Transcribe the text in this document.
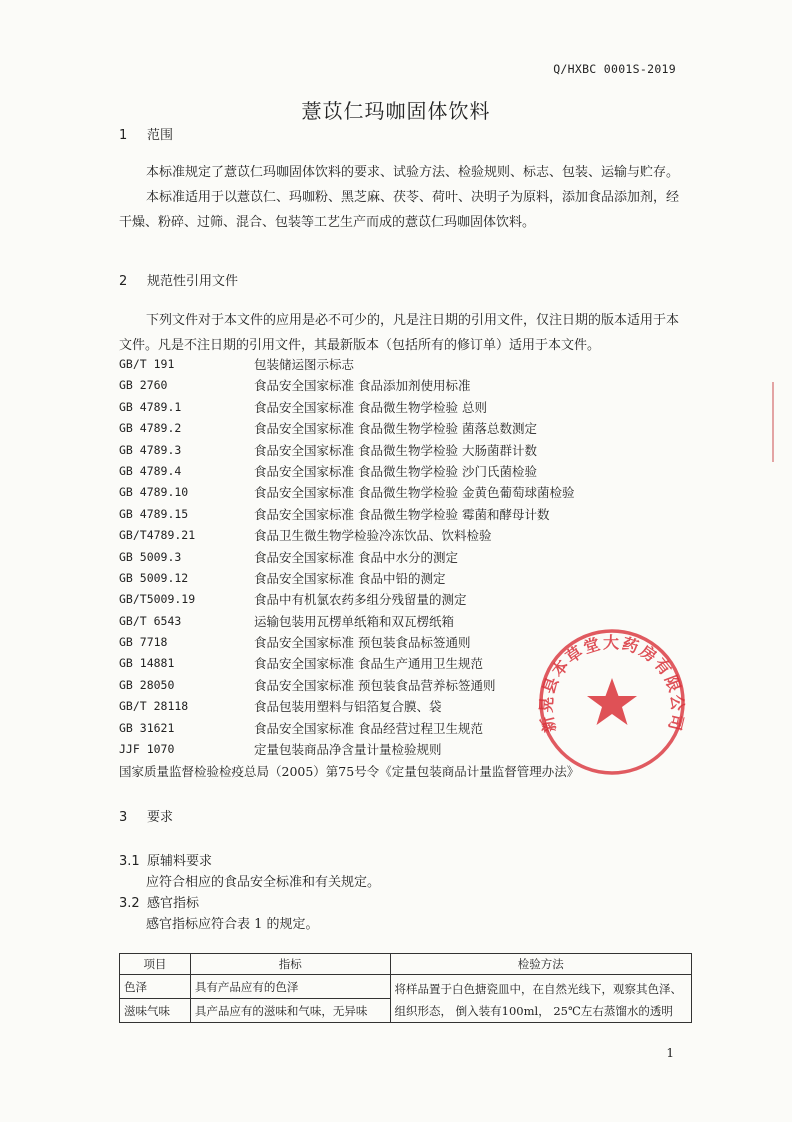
Q/HXBC 0001S-2019
薏苡仁玛咖固体饮料
1 范围

本标准规定了薏苡仁玛咖固体饮料的要求、试验方法、检验规则、标志、包装、运输与贮存。

本标准适用于以薏苡仁、玛咖粉、黑芝麻、茯苓、荷叶、决明子为原料，添加食品添加剂，经干燥、粉碎、过筛、混合、包装等工艺生产而成的薏苡仁玛咖固体饮料。

2 规范性引用文件

下列文件对于本文件的应用是必不可少的，凡是注日期的引用文件，仅注日期的版本适用于本文件。凡是不注日期的引用文件，其最新版本（包括所有的修订单）适用于本文件。

GB/T 191	包装储运图示标志
GB 2760	食品安全国家标准 食品添加剂使用标准
GB 4789.1	食品安全国家标准 食品微生物学检验 总则
GB 4789.2	食品安全国家标准 食品微生物学检验 菌落总数测定
GB 4789.3	食品安全国家标准 食品微生物学检验 大肠菌群计数
GB 4789.4	食品安全国家标准 食品微生物学检验 沙门氏菌检验
GB 4789.10	食品安全国家标准 食品微生物学检验 金黄色葡萄球菌检验
GB 4789.15	食品安全国家标准 食品微生物学检验 霉菌和酵母计数
GB/T4789.21	食品卫生微生物学检验冷冻饮品、饮料检验
GB 5009.3	食品安全国家标准 食品中水分的测定
GB 5009.12	食品安全国家标准 食品中铅的测定
GB/T5009.19	食品中有机氯农药多组分残留量的测定
GB/T 6543	运输包装用瓦楞单纸箱和双瓦楞纸箱
GB 7718	食品安全国家标准 预包装食品标签通则
GB 14881	食品安全国家标准 食品生产通用卫生规范
GB 28050	食品安全国家标准 预包装食品营养标签通则
GB/T 28118	食品包装用塑料与铝箔复合膜、袋
GB 31621	食品安全国家标准 食品经营过程卫生规范
JJF 1070	定量包装商品净含量计量检验规则
国家质量监督检验检疫总局（2005）第75号令《定量包装商品计量监督管理办法》
3 要求
3.1 原辅料要求
应符合相应的食品安全标准和有关规定。
3.2 感官指标
感官指标应符合表 1 的规定。
项目	指标	检验方法
色泽	具有产品应有的色泽	将样品置于白色搪瓷皿中，在自然光线下，观察其色泽、
组织形态， 倒入装有100ml， 25℃左右蒸馏水的透明

滋味气味	具产品应有的滋味和气味，无异味	
新晃县本草堂大药房有限公司
1
